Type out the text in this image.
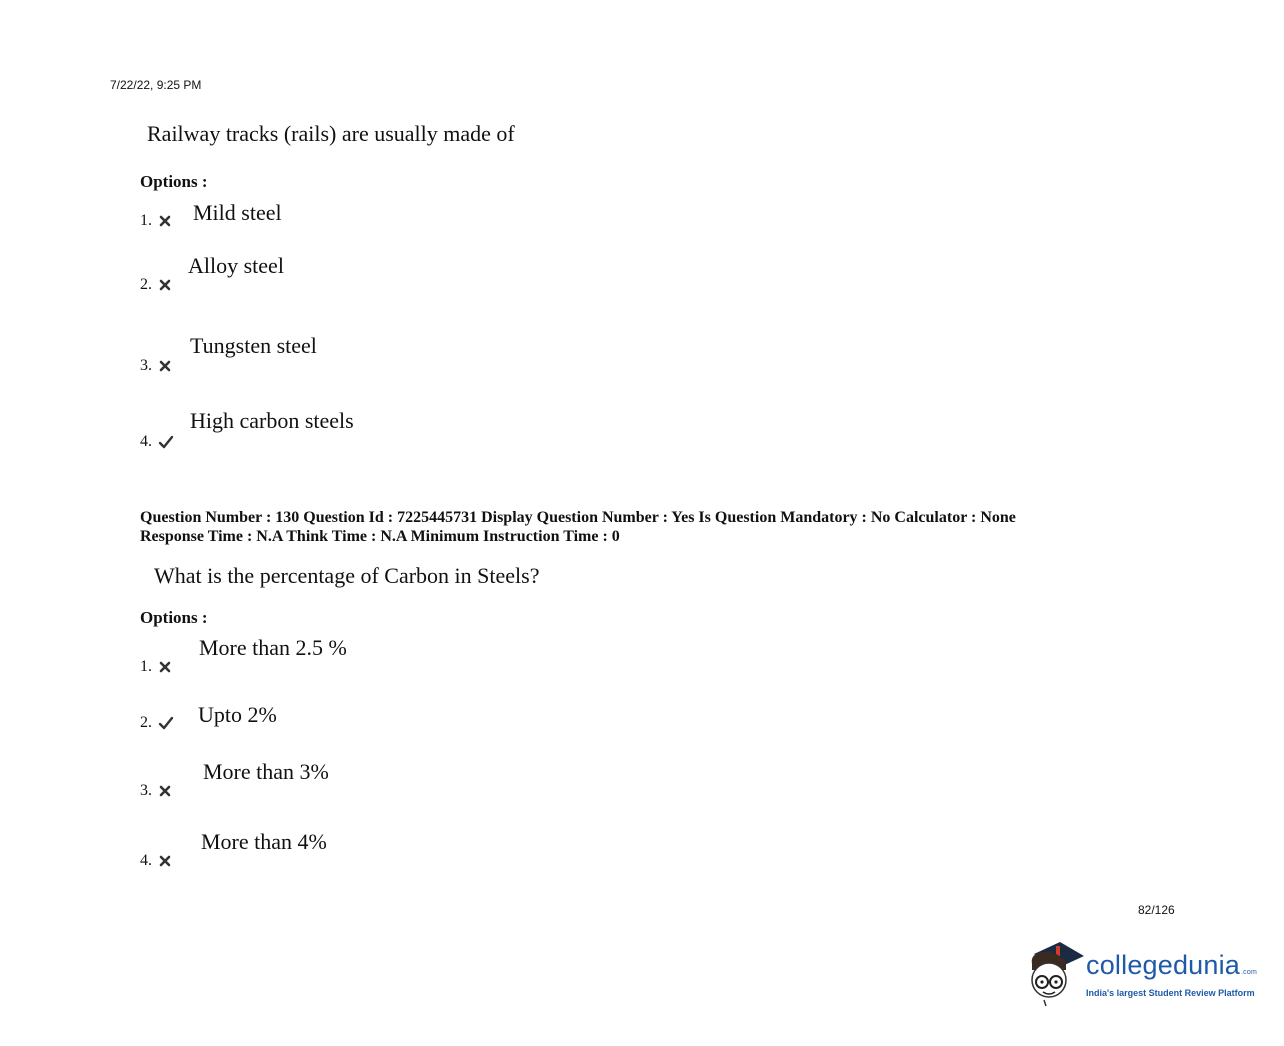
7/22/22, 9:25 PM
Railway tracks (rails) are usually made of
Options :
1. Mild steel
2.
Alloy steel
3.
Tungsten steel
4.
High carbon steels
Question Number : 130 Question Id : 7225445731 Display Question Number : Yes Is Question Mandatory : No Calculator : None
Response Time : N.A Think Time : N.A Minimum Instruction Time : 0
What is the percentage of Carbon in Steels?
Options :
1.
More than 2.5 %
2. Upto 2%
3.
More than 3%
4.
More than 4%
82/126
collegedunia.com
India's largest Student Review Platform
